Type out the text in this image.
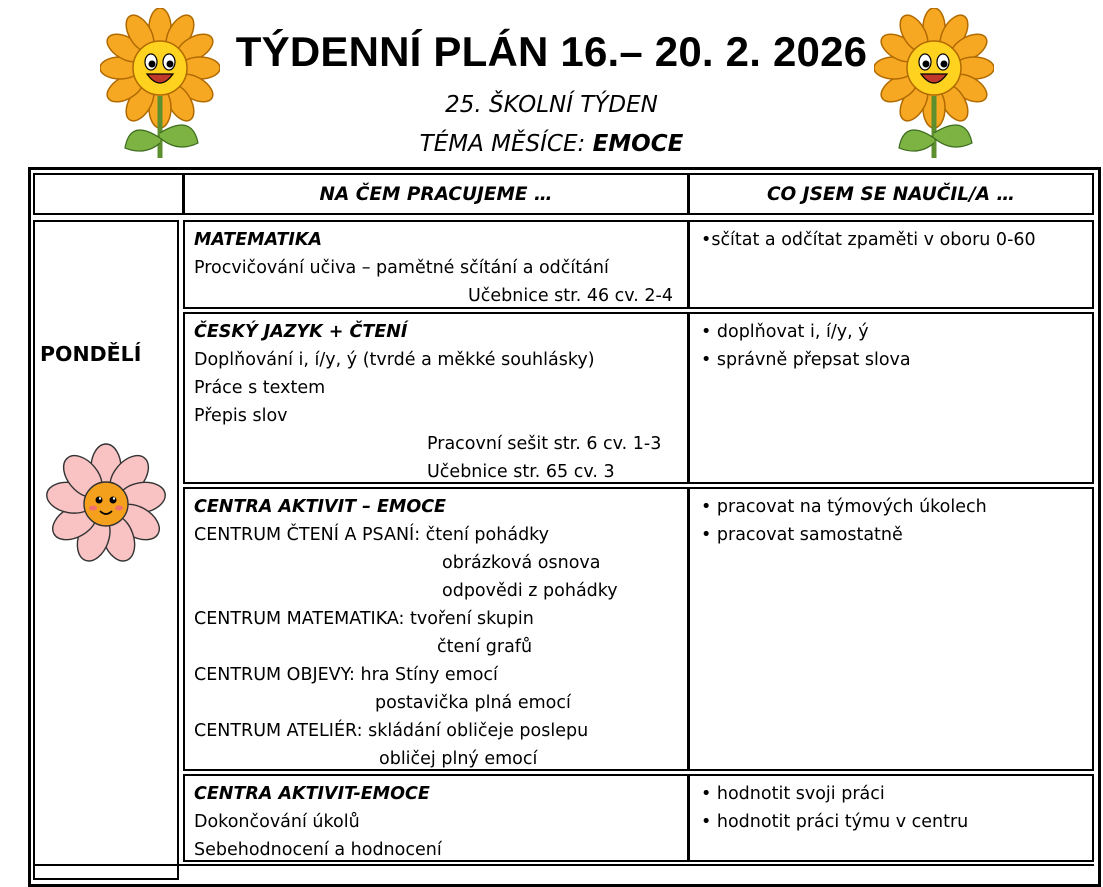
TÝDENNÍ PLÁN 16.– 20. 2. 2026
25. ŠKOLNÍ TÝDEN
TÉMA MĚSÍCE: EMOCE
NA ČEM PRACUJEME …	CO JSEM SE NAUČIL/A …
PONDĚLÍ
MATEMATIKA
Procvičování učiva – pamětné sčítání a odčítání
Učebnice str. 46 cv. 2-4
•sčítat a odčítat zpaměti v oboru 0-60
ČESKÝ JAZYK + ČTENÍ
Doplňování i, í/y, ý (tvrdé a měkké souhlásky)
Práce s textem
Přepis slov
Pracovní sešit str. 6 cv. 1-3
Učebnice str. 65 cv. 3
• doplňovat i, í/y, ý
• správně přepsat slova
CENTRA AKTIVIT – EMOCE
CENTRUM ČTENÍ A PSANÍ: čtení pohádky
obrázková osnova
odpovědi z pohádky
CENTRUM MATEMATIKA: tvoření skupin
čtení grafů
CENTRUM OBJEVY: hra Stíny emocí
postavička plná emocí
CENTRUM ATELIÉR: skládání obličeje poslepu
obličej plný emocí
• pracovat na týmových úkolech
• pracovat samostatně
CENTRA AKTIVIT-EMOCE
Dokončování úkolů
Sebehodnocení a hodnocení
• hodnotit svoji práci
• hodnotit práci týmu v centru
